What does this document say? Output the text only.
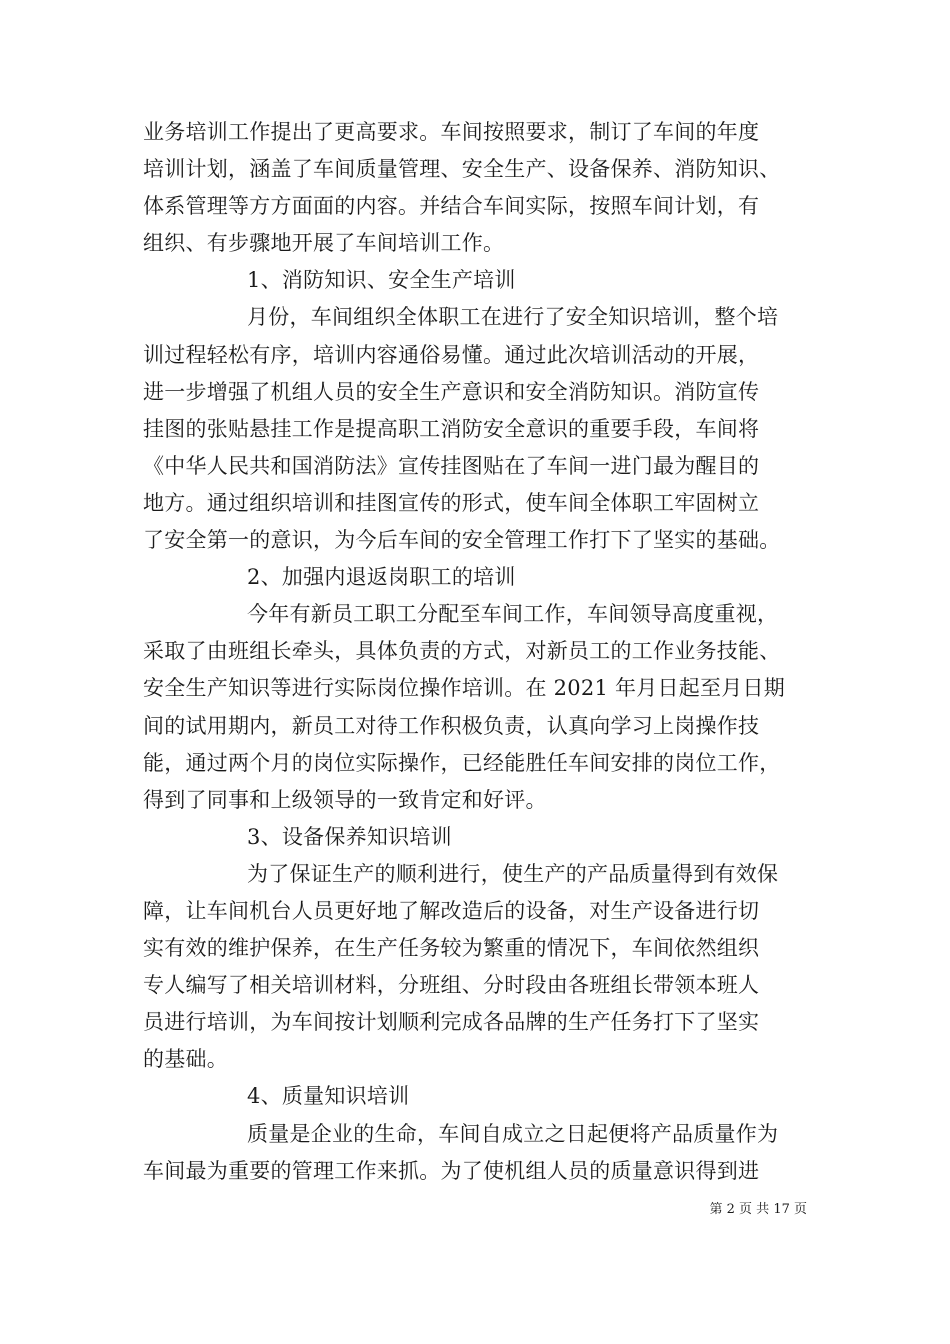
业务培训工作提出了更高要求。车间按照要求，制订了车间的年度
培训计划，涵盖了车间质量管理、安全生产、设备保养、消防知识、
体系管理等方方面面的内容。并结合车间实际，按照车间计划，有
组织、有步骤地开展了车间培训工作。
1、消防知识、安全生产培训
月份，车间组织全体职工在进行了安全知识培训，整个培
训过程轻松有序，培训内容通俗易懂。通过此次培训活动的开展，
进一步增强了机组人员的安全生产意识和安全消防知识。消防宣传
挂图的张贴悬挂工作是提高职工消防安全意识的重要手段，车间将
《中华人民共和国消防法》宣传挂图贴在了车间一进门最为醒目的
地方。通过组织培训和挂图宣传的形式，使车间全体职工牢固树立
了安全第一的意识，为今后车间的安全管理工作打下了坚实的基础。
2、加强内退返岗职工的培训
今年有新员工职工分配至车间工作，车间领导高度重视，
采取了由班组长牵头，具体负责的方式，对新员工的工作业务技能、
安全生产知识等进行实际岗位操作培训。在 2021 年月日起至月日期
间的试用期内，新员工对待工作积极负责，认真向学习上岗操作技
能，通过两个月的岗位实际操作，已经能胜任车间安排的岗位工作，
得到了同事和上级领导的一致肯定和好评。
3、设备保养知识培训
为了保证生产的顺利进行，使生产的产品质量得到有效保
障，让车间机台人员更好地了解改造后的设备，对生产设备进行切
实有效的维护保养，在生产任务较为繁重的情况下，车间依然组织
专人编写了相关培训材料，分班组、分时段由各班组长带领本班人
员进行培训，为车间按计划顺利完成各品牌的生产任务打下了坚实
的基础。
4、质量知识培训
质量是企业的生命，车间自成立之日起便将产品质量作为
车间最为重要的管理工作来抓。为了使机组人员的质量意识得到进
第 2 页 共 17 页
